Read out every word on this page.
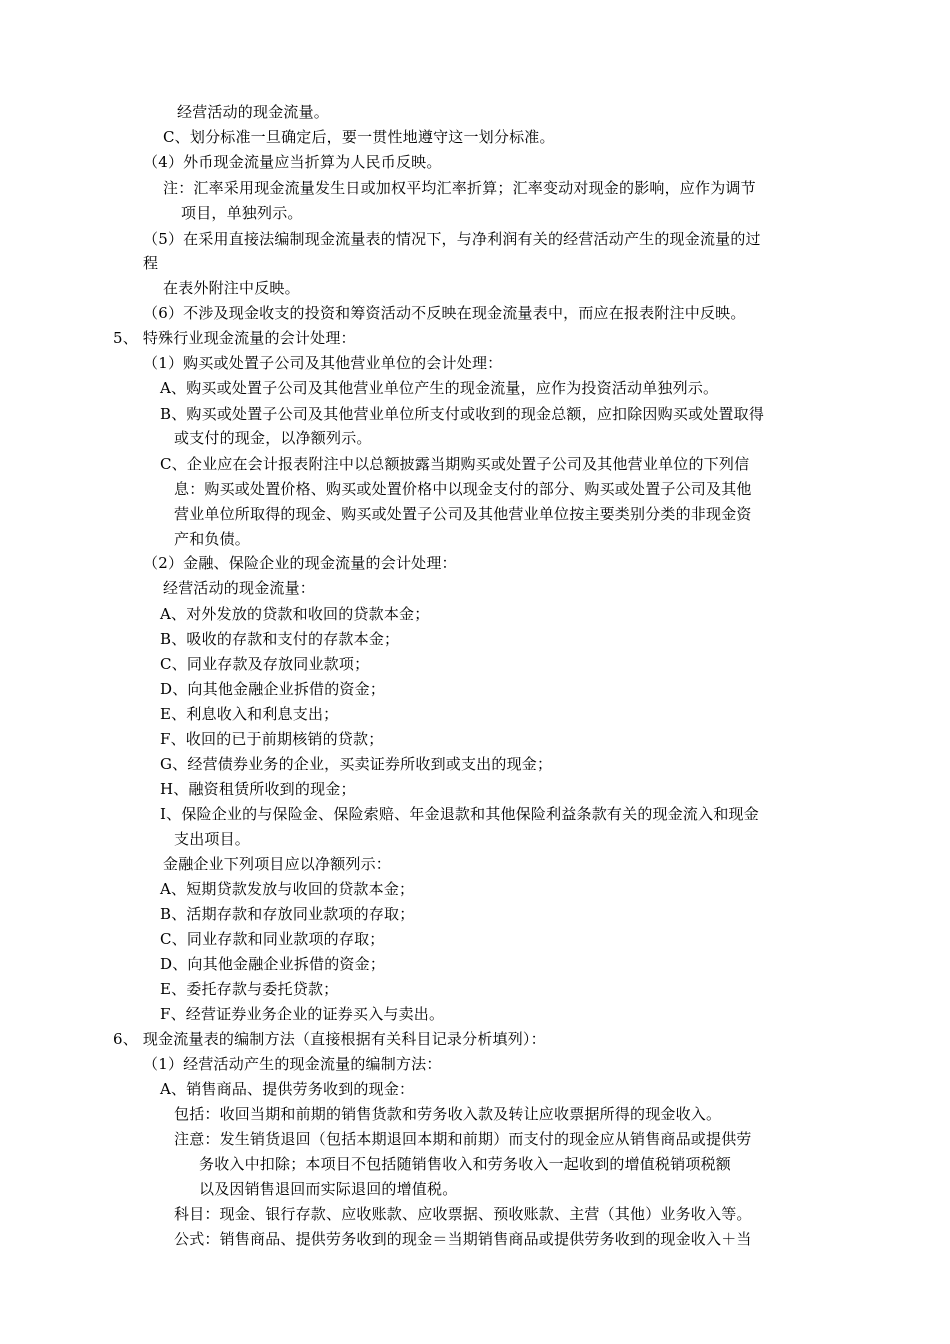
经营活动的现金流量。
C、划分标准一旦确定后，要一贯性地遵守这一划分标准。
（4）外币现金流量应当折算为人民币反映。
注：汇率采用现金流量发生日或加权平均汇率折算；汇率变动对现金的影响，应作为调节
项目，单独列示。
（5）在采用直接法编制现金流量表的情况下，与净利润有关的经营活动产生的现金流量的过
程
在表外附注中反映。
（6）不涉及现金收支的投资和筹资活动不反映在现金流量表中，而应在报表附注中反映。
5、 特殊行业现金流量的会计处理：
（1）购买或处置子公司及其他营业单位的会计处理：
A、购买或处置子公司及其他营业单位产生的现金流量，应作为投资活动单独列示。
B、购买或处置子公司及其他营业单位所支付或收到的现金总额，应扣除因购买或处置取得
或支付的现金，以净额列示。
C、企业应在会计报表附注中以总额披露当期购买或处置子公司及其他营业单位的下列信
息：购买或处置价格、购买或处置价格中以现金支付的部分、购买或处置子公司及其他
营业单位所取得的现金、购买或处置子公司及其他营业单位按主要类别分类的非现金资
产和负债。
（2）金融、保险企业的现金流量的会计处理：
经营活动的现金流量：
A、对外发放的贷款和收回的贷款本金；
B、吸收的存款和支付的存款本金；
C、同业存款及存放同业款项；
D、向其他金融企业拆借的资金；
E、利息收入和利息支出；
F、收回的已于前期核销的贷款；
G、经营债券业务的企业，买卖证券所收到或支出的现金；
H、融资租赁所收到的现金；
I、保险企业的与保险金、保险索赔、年金退款和其他保险利益条款有关的现金流入和现金
支出项目。
金融企业下列项目应以净额列示：
A、短期贷款发放与收回的贷款本金；
B、活期存款和存放同业款项的存取；
C、同业存款和同业款项的存取；
D、向其他金融企业拆借的资金；
E、委托存款与委托贷款；
F、经营证券业务企业的证券买入与卖出。
6、 现金流量表的编制方法（直接根据有关科目记录分析填列）：
（1）经营活动产生的现金流量的编制方法：
A、销售商品、提供劳务收到的现金：
包括：收回当期和前期的销售货款和劳务收入款及转让应收票据所得的现金收入。
注意：发生销货退回（包括本期退回本期和前期）而支付的现金应从销售商品或提供劳
务收入中扣除；本项目不包括随销售收入和劳务收入一起收到的增值税销项税额
以及因销售退回而实际退回的增值税。
科目：现金、银行存款、应收账款、应收票据、预收账款、主营（其他）业务收入等。
公式：销售商品、提供劳务收到的现金＝当期销售商品或提供劳务收到的现金收入＋当
